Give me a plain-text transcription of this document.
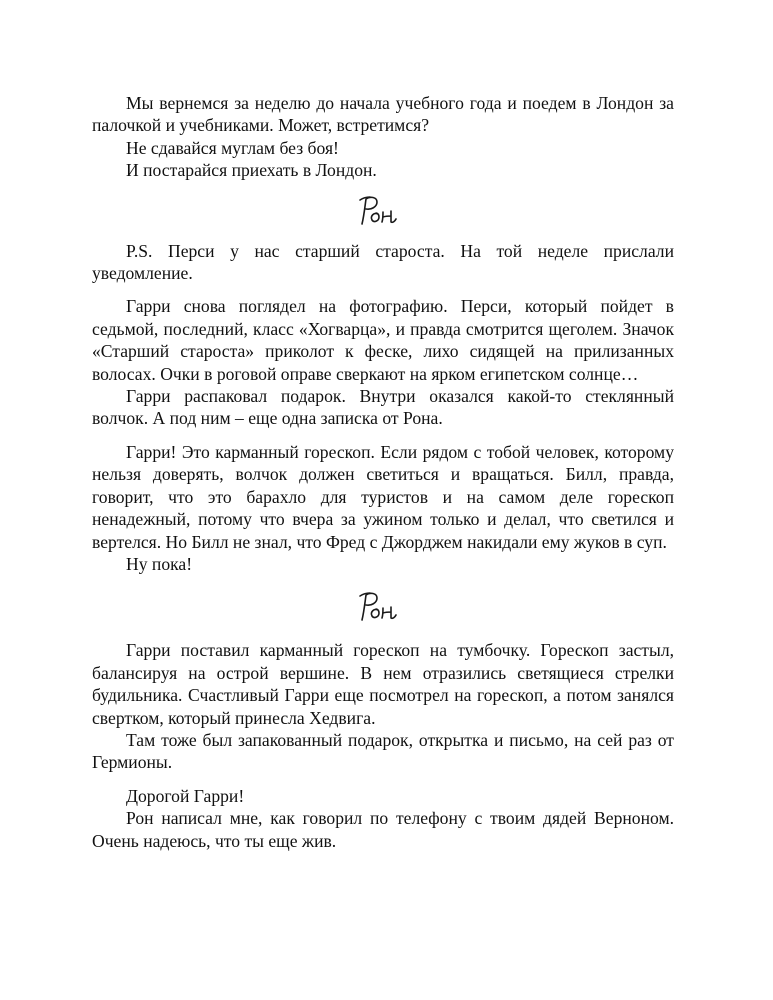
Мы вернемся за неделю до начала учебного года и поедем в Лондон за палочкой и учебниками. Может, встретимся?

Не сдавайся муглам без боя!

И постарайся приехать в Лондон.

P.S. Перси у нас старший староста. На той неделе прислали уведомление.

Гарри снова поглядел на фотографию. Перси, который пойдет в седьмой, последний, класс «Хогварца», и правда смотрится щеголем. Значок «Старший староста» приколот к феске, лихо сидящей на прилизанных волосах. Очки в роговой оправе сверкают на ярком египетском солнце…

Гарри распаковал подарок. Внутри оказался какой-то стеклянный волчок. А под ним – еще одна записка от Рона.

Гарри! Это карманный горескоп. Если рядом с тобой человек, которому нельзя доверять, волчок должен светиться и вращаться. Билл, правда, говорит, что это барахло для туристов и на самом деле горескоп ненадежный, потому что вчера за ужином только и делал, что светился и вертелся. Но Билл не знал, что Фред с Джорджем накидали ему жуков в суп.

Ну пока!

Гарри поставил карманный горескоп на тумбочку. Горескоп застыл, балансируя на острой вершине. В нем отразились светящиеся стрелки будильника. Счастливый Гарри еще посмотрел на горескоп, а потом занялся свертком, который принесла Хедвига.

Там тоже был запакованный подарок, открытка и письмо, на сей раз от Гермионы.

Дорогой Гарри!

Рон написал мне, как говорил по телефону с твоим дядей Верноном. Очень надеюсь, что ты еще жив.
